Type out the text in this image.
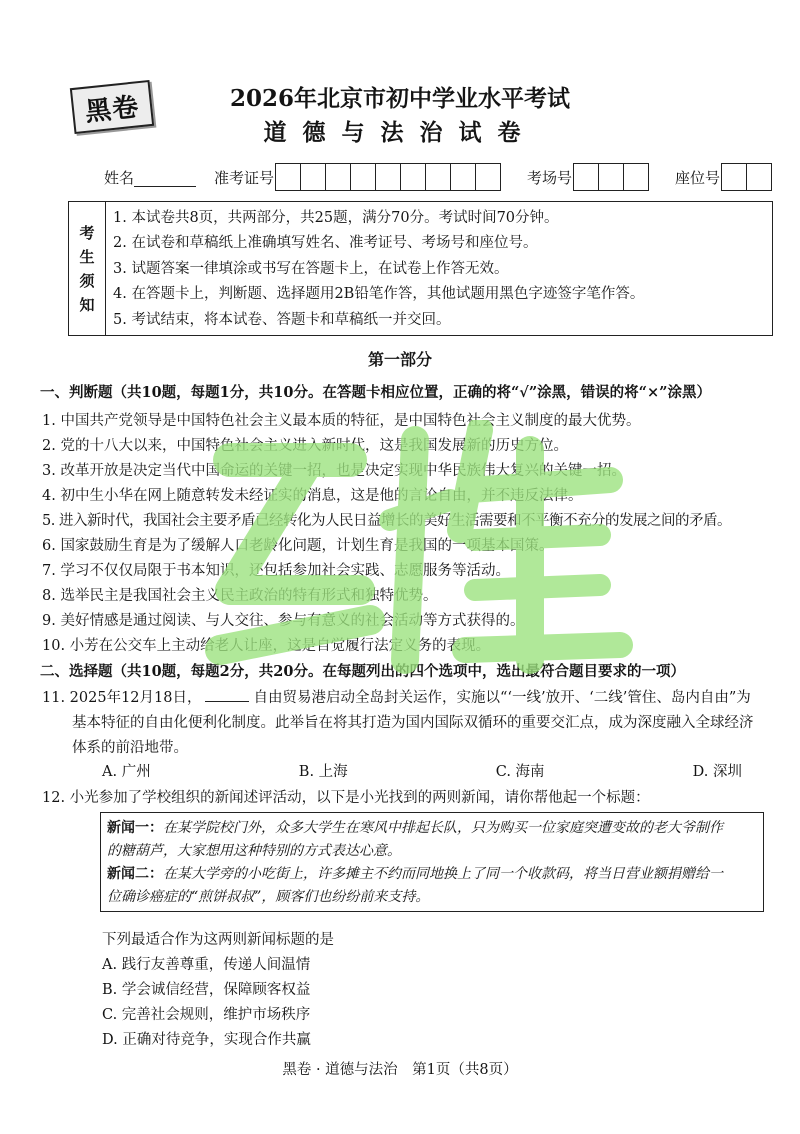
黑卷	2026年北京市初中学业水平考试
道德与法治试卷
姓名	准考证号	考场号	座位号
考
生
须
知
1. 本试卷共8页，共两部分，共25题，满分70分。考试时间70分钟。
2. 在试卷和草稿纸上准确填写姓名、准考证号、考场号和座位号。
3. 试题答案一律填涂或书写在答题卡上，在试卷上作答无效。
4. 在答题卡上，判断题、选择题用2B铅笔作答，其他试题用黑色字迹签字笔作答。
5. 考试结束，将本试卷、答题卡和草稿纸一并交回。
第一部分
一、判断题（共10题，每题1分，共10分。在答题卡相应位置，正确的将“√”涂黑，错误的将“×”涂黑）
1. 中国共产党领导是中国特色社会主义最本质的特征，是中国特色社会主义制度的最大优势。
2. 党的十八大以来，中国特色社会主义进入新时代，这是我国发展新的历史方位。
3. 改革开放是决定当代中国命运的关键一招，也是决定实现中华民族伟大复兴的关键一招。
4. 初中生小华在网上随意转发未经证实的消息，这是他的言论自由，并不违反法律。
5. 进入新时代，我国社会主要矛盾已经转化为人民日益增长的美好生活需要和不平衡不充分的发展之间的矛盾。
6. 国家鼓励生育是为了缓解人口老龄化问题，计划生育是我国的一项基本国策。
7. 学习不仅仅局限于书本知识，还包括参加社会实践、志愿服务等活动。
8. 选举民主是我国社会主义民主政治的特有形式和独特优势。
9. 美好情感是通过阅读、与人交往、参与有意义的社会活动等方式获得的。
10. 小芳在公交车上主动给老人让座，这是自觉履行法定义务的表现。
二、选择题（共10题，每题2分，共20分。在每题列出的四个选项中，选出最符合题目要求的一项）
11. 2025年12月18日，	自由贸易港启动全岛封关运作，实施以“‘一线’放开、‘二线’管住、岛内自由”为
基本特征的自由化便利化制度。此举旨在将其打造为国内国际双循环的重要交汇点，成为深度融入全球经济
体系的前沿地带。
A. 广州	B. 上海	C. 海南	D. 深圳
12. 小光参加了学校组织的新闻述评活动，以下是小光找到的两则新闻，请你帮他起一个标题：
新闻一：在某学院校门外，众多大学生在寒风中排起长队，只为购买一位家庭突遭变故的老大爷制作
的糖葫芦，大家想用这种特别的方式表达心意。
新闻二：在某大学旁的小吃街上，许多摊主不约而同地换上了同一个收款码，将当日营业额捐赠给一
位确诊癌症的“煎饼叔叔”，顾客们也纷纷前来支持。
下列最适合作为这两则新闻标题的是
A. 践行友善尊重，传递人间温情
B. 学会诚信经营，保障顾客权益
C. 完善社会规则，维护市场秩序
D. 正确对待竞争，实现合作共赢
黑卷 · 道德与法治　第1页（共8页）
